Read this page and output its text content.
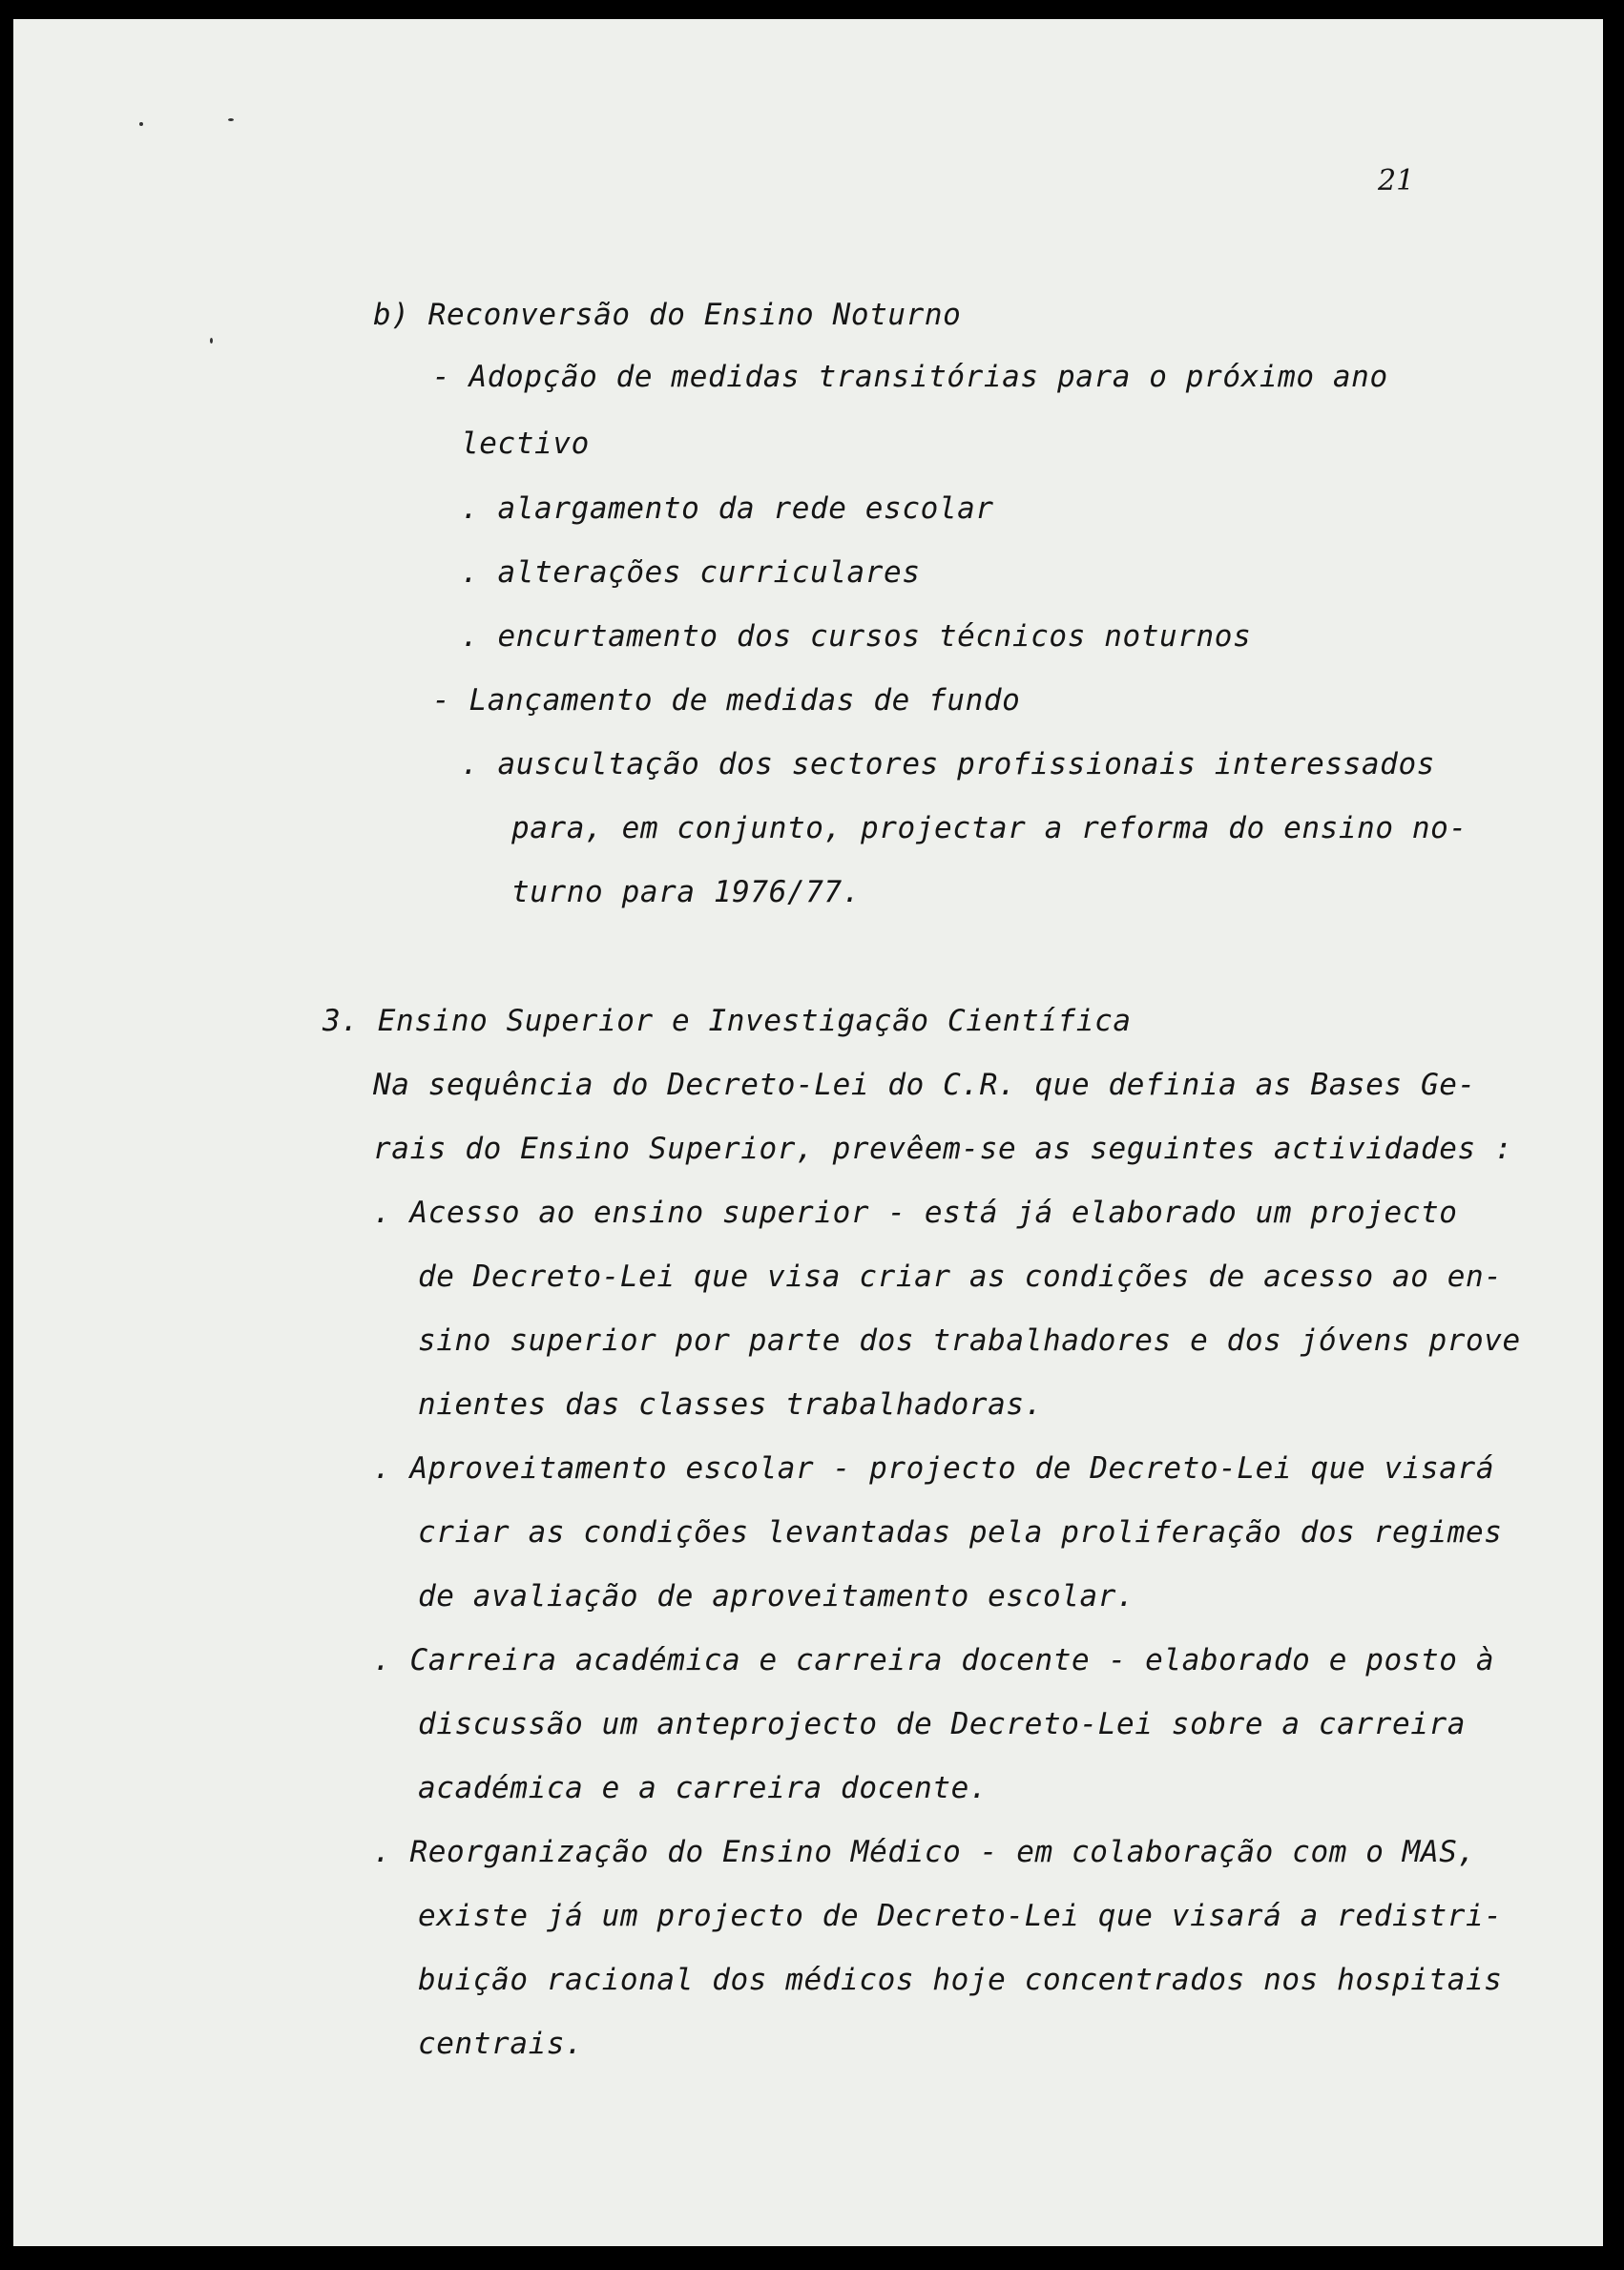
21
b) Reconversão do Ensino Noturno
- Adopção de medidas transitórias para o próximo ano
lectivo
. alargamento da rede escolar
. alterações curriculares
. encurtamento dos cursos técnicos noturnos
- Lançamento de medidas de fundo
. auscultação dos sectores profissionais interessados
para, em conjunto, projectar a reforma do ensino no-
turno para 1976/77.
3. Ensino Superior e Investigação Científica
Na sequência do Decreto-Lei do C.R. que definia as Bases Ge-
rais do Ensino Superior, prevêem-se as seguintes actividades :
. Acesso ao ensino superior - está já elaborado um projecto
de Decreto-Lei que visa criar as condições de acesso ao en-
sino superior por parte dos trabalhadores e dos jóvens prove
nientes das classes trabalhadoras.
. Aproveitamento escolar - projecto de Decreto-Lei que visará
criar as condições levantadas pela proliferação dos regimes
de avaliação de aproveitamento escolar.
. Carreira académica e carreira docente - elaborado e posto à
discussão um anteprojecto de Decreto-Lei sobre a carreira
académica e a carreira docente.
. Reorganização do Ensino Médico - em colaboração com o MAS,
existe já um projecto de Decreto-Lei que visará a redistri-
buição racional dos médicos hoje concentrados nos hospitais
centrais.
